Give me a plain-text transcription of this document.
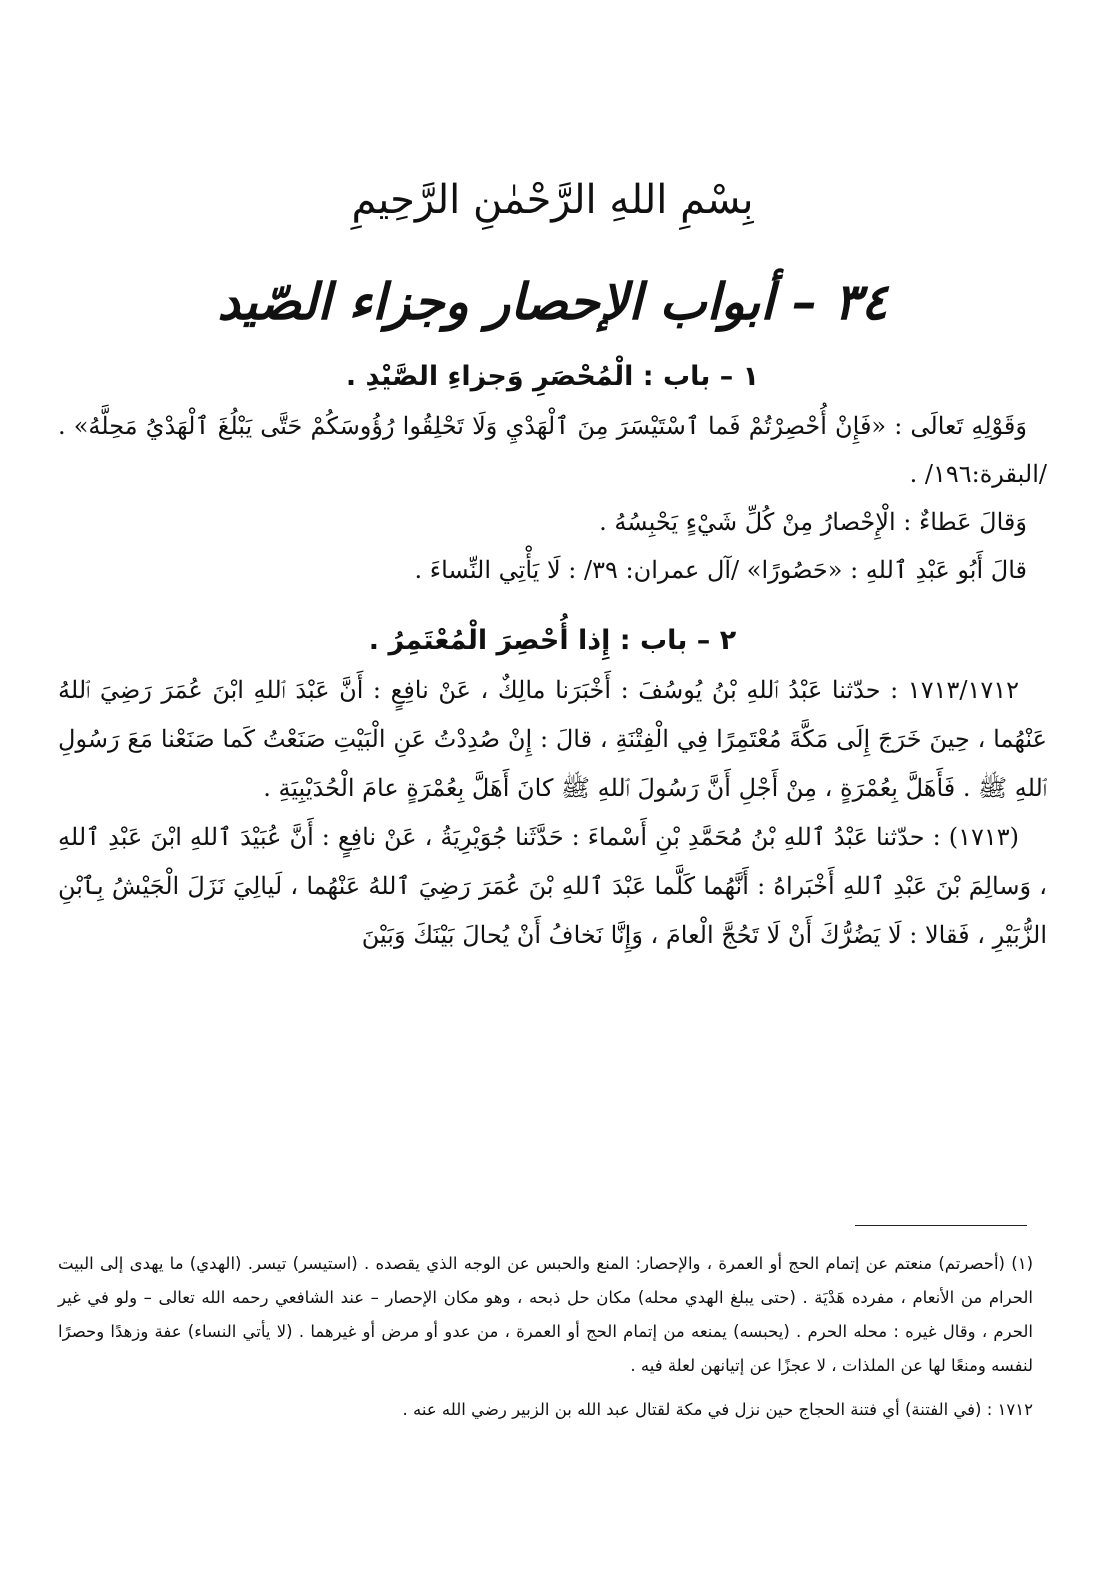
بِسْمِ اللهِ الرَّحْمٰنِ الرَّحِيمِ
٣٤ – أبواب الإحصار وجزاء الصّيد
١ – باب : الْمُحْصَرِ وَجزاءِ الصَّيْدِ .

وَقَوْلِهِ تَعالَى : «فَإِنْ أُحْصِرْتُمْ فَما ٱسْتَيْسَرَ مِنَ ٱلْهَدْيِ وَلَا تَحْلِقُوا رُؤُوسَكُمْ حَتَّى يَبْلُغَ ٱلْهَدْيُ مَحِلَّهُ» . /البقرة:١٩٦/ .

وَقالَ عَطاءٌ : الْإِحْصارُ مِنْ كُلِّ شَيْءٍ يَحْبِسُهُ .

قالَ أَبُو عَبْدِ ٱللهِ : «حَصُورًا» /آل عمران: ٣٩/ : لَا يَأْتِي النِّساءَ .

٢ – باب : إِذا أُحْصِرَ الْمُعْتَمِرُ .

١٧١٣/١٧١٢ : حدّثنا عَبْدُ ٱللهِ بْنُ يُوسُفَ : أَخْبَرَنا مالِكٌ ، عَنْ نافِعٍ : أَنَّ عَبْدَ ٱللهِ ابْنَ عُمَرَ رَضِيَ ٱللهُ عَنْهُما ، حِينَ خَرَجَ إِلَى مَكَّةَ مُعْتَمِرًا فِي الْفِتْنَةِ ، قالَ : إِنْ صُدِدْتُ عَنِ الْبَيْتِ صَنَعْتُ كَما صَنَعْنا مَعَ رَسُولِ ٱللهِ ﷺ . فَأَهَلَّ بِعُمْرَةٍ ، مِنْ أَجْلِ أَنَّ رَسُولَ ٱللهِ ﷺ كانَ أَهَلَّ بِعُمْرَةٍ عامَ الْحُدَيْبِيَةِ .

(١٧١٣) : حدّثنا عَبْدُ ٱللهِ بْنُ مُحَمَّدِ بْنِ أَسْماءَ : حَدَّثَنا جُوَيْرِيَةُ ، عَنْ نافِعٍ : أَنَّ عُبَيْدَ ٱللهِ ابْنَ عَبْدِ ٱللهِ ، وَسالِمَ بْنَ عَبْدِ ٱللهِ أَخْبَراهُ : أَنَّهُما كَلَّما عَبْدَ ٱللهِ بْنَ عُمَرَ رَضِيَ ٱللهُ عَنْهُما ، لَيالِيَ نَزَلَ الْجَيْشُ بِٱبْنِ الزُّبَيْرِ ، فَقالا : لَا يَضُرُّكَ أَنْ لَا تَحُجَّ الْعامَ ، وَإِنَّا نَخافُ أَنْ يُحالَ بَيْنَكَ وَبَيْنَ

(١) (أحصرتم) منعتم عن إتمام الحج أو العمرة ، والإحصار: المنع والحبس عن الوجه الذي يقصده . (استيسر) تيسر. (الهدي) ما يهدى إلى البيت الحرام من الأنعام ، مفرده هَدْيَة . (حتى يبلغ الهدي محله) مكان حل ذبحه ، وهو مكان الإحصار – عند الشافعي رحمه الله تعالى – ولو في غير الحرم ، وقال غيره : محله الحرم . (يحبسه) يمنعه من إتمام الحج أو العمرة ، من عدو أو مرض أو غيرهما . (لا يأتي النساء) عفة وزهدًا وحصرًا لنفسه ومنعًا لها عن الملذات ، لا عجزًا عن إتيانهن لعلة فيه .

١٧١٢ : (في الفتنة) أي فتنة الحجاج حين نزل في مكة لقتال عبد الله بن الزبير رضي الله عنه .
